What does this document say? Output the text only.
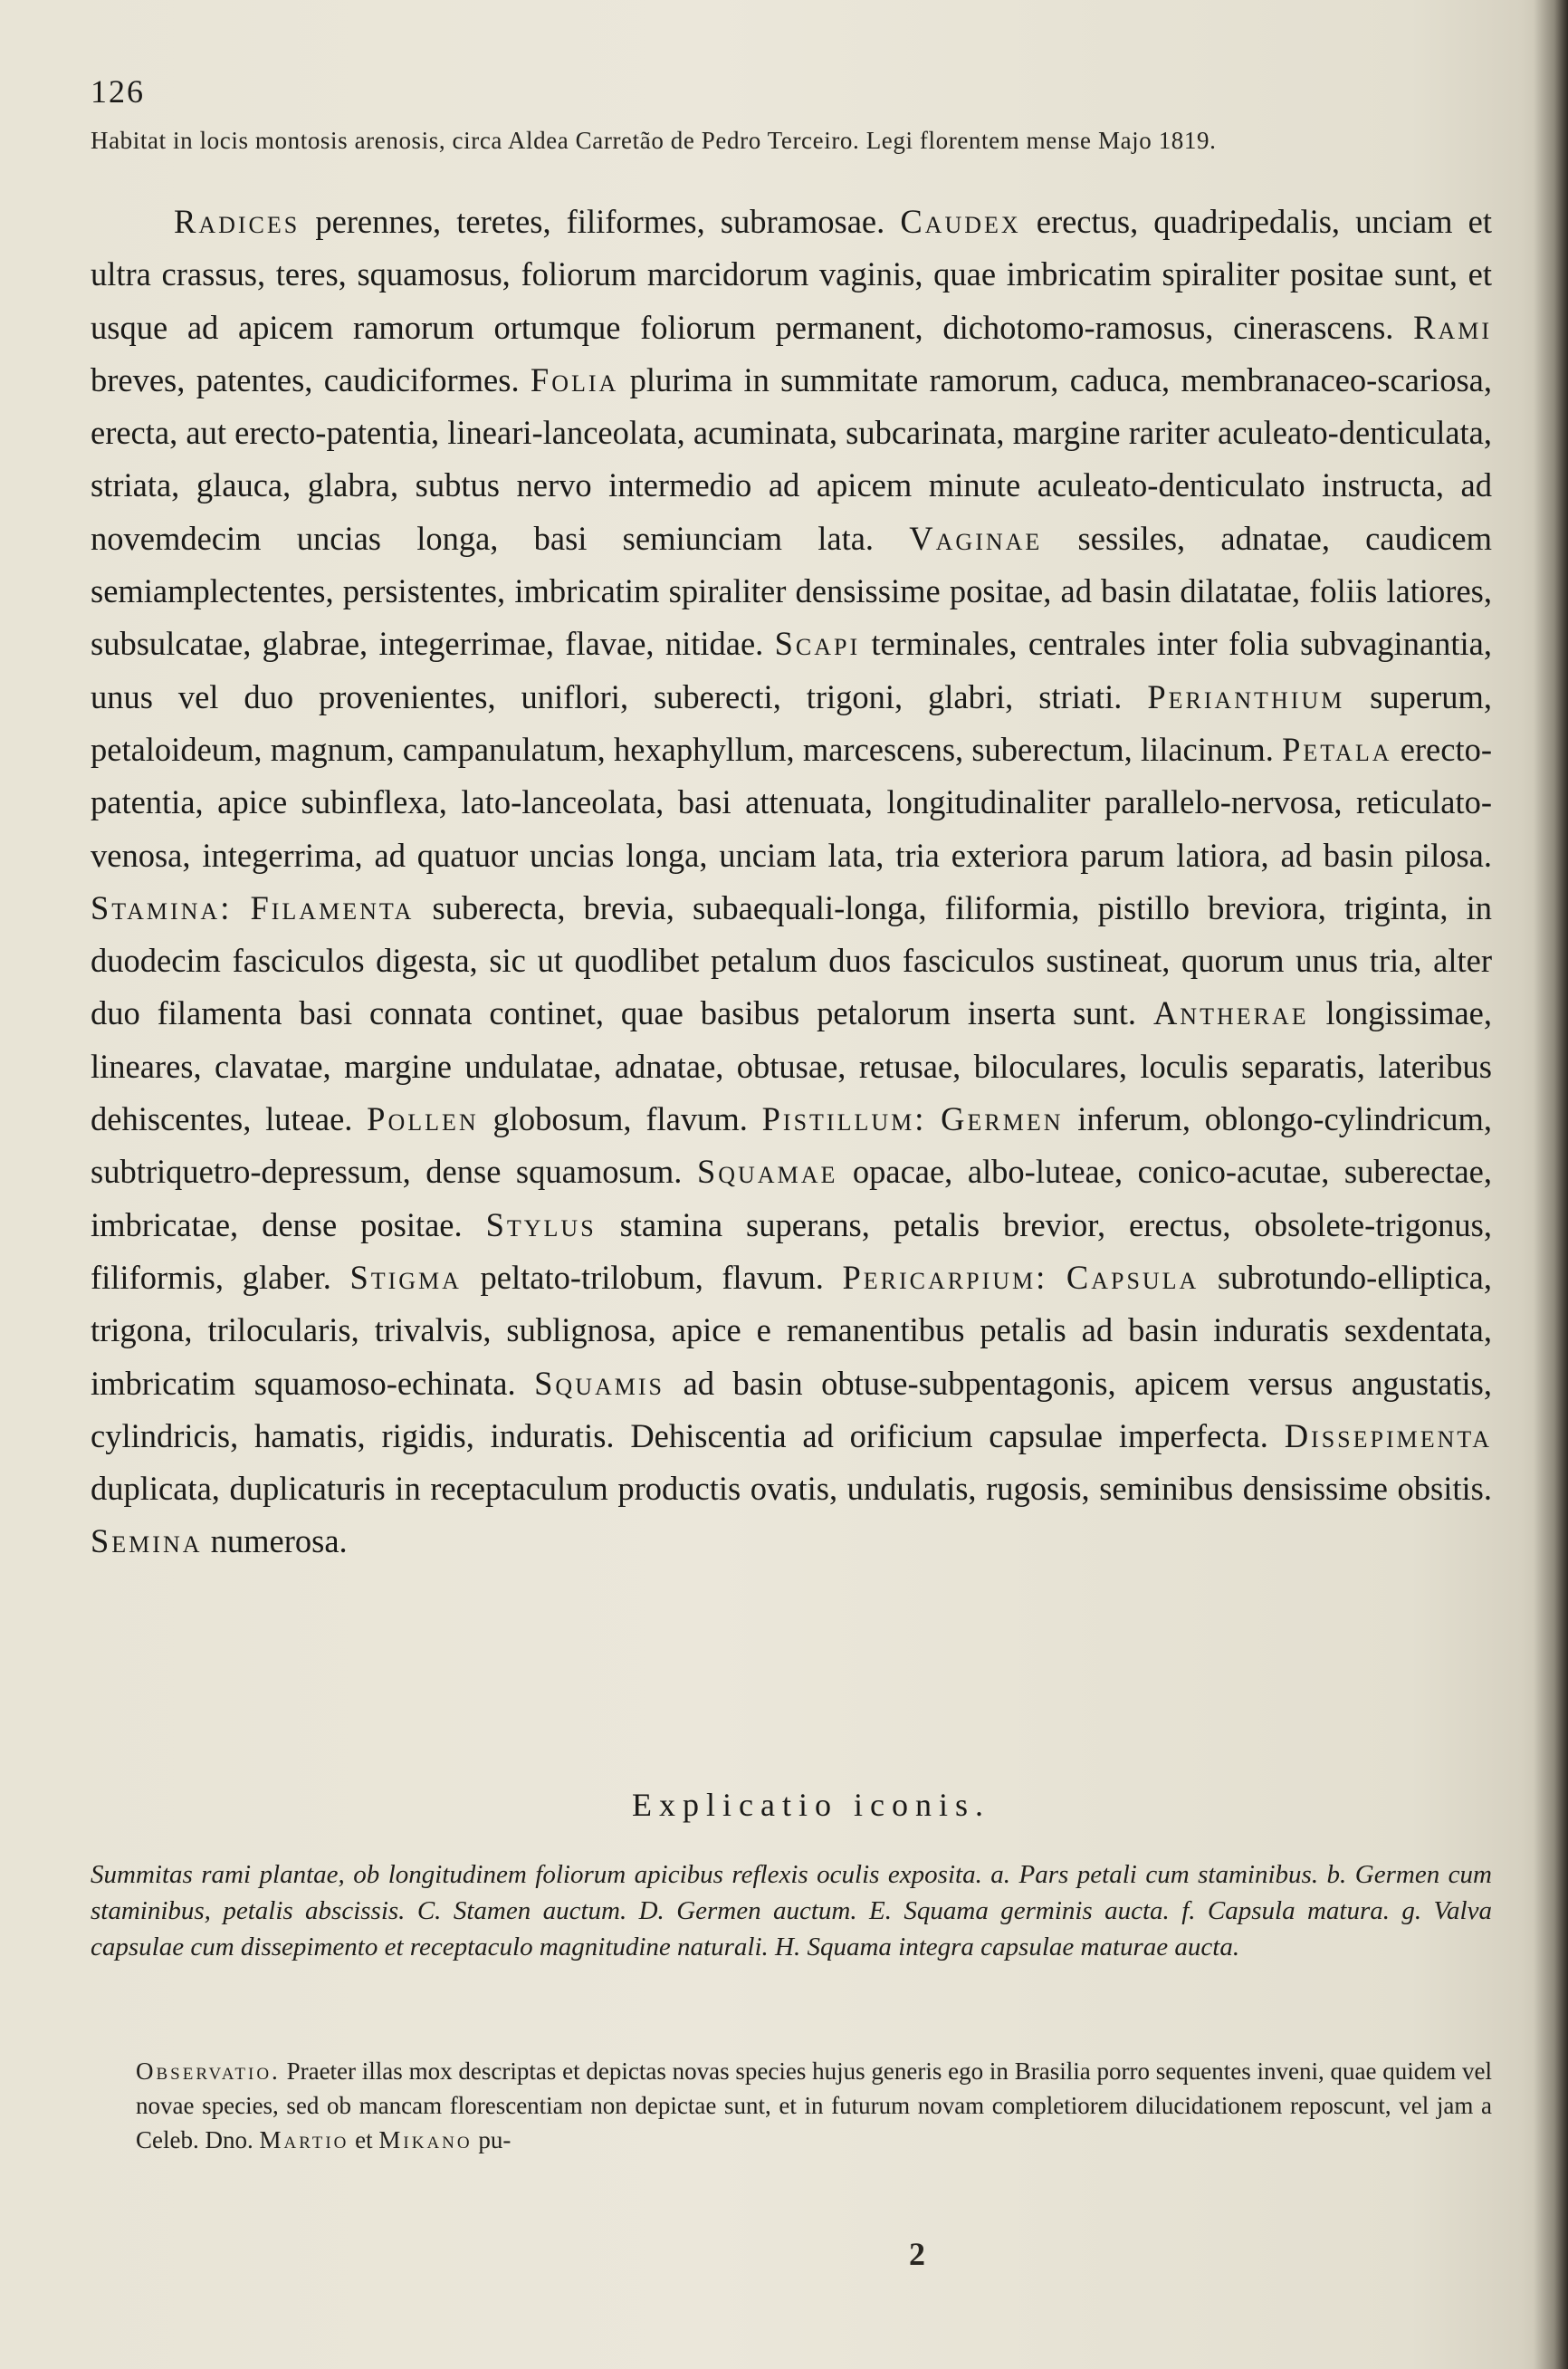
126
Habitat in locis montosis arenosis, circa Aldea Carretão de Pedro Terceiro. Legi florentem mense Majo 1819.
Radices perennes, teretes, filiformes, subramosae. Caudex erectus, quadripedalis, unciam et ultra crassus, teres, squamosus, foliorum marcidorum vaginis, quae imbricatim spiraliter positae sunt, et usque ad apicem ramorum ortumque foliorum permanent, dichotomo-ramosus, cinerascens. Rami breves, patentes, caudiciformes. Folia plurima in summitate ramorum, caduca, membranaceo-scariosa, erecta, aut erecto-patentia, lineari-lanceolata, acuminata, subcarinata, margine rariter aculeato-denticulata, striata, glauca, glabra, subtus nervo intermedio ad apicem minute aculeato-denticulato instructa, ad novemdecim uncias longa, basi semiunciam lata. Vaginae sessiles, adnatae, caudicem semiamplectentes, persistentes, imbricatim spiraliter densissime positae, ad basin dilatatae, foliis latiores, subsulcatae, glabrae, integerrimae, flavae, nitidae. Scapi terminales, centrales inter folia subvaginantia, unus vel duo provenientes, uniflori, suberecti, trigoni, glabri, striati. Perianthium superum, petaloideum, magnum, campanulatum, hexaphyllum, marcescens, suberectum, lilacinum. Petala erecto-patentia, apice subinflexa, lato-lanceolata, basi attenuata, longitudinaliter parallelo-nervosa, reticulato-venosa, integerrima, ad quatuor uncias longa, unciam lata, tria exteriora parum latiora, ad basin pilosa. Stamina: Filamenta suberecta, brevia, subaequali-longa, filiformia, pistillo breviora, triginta, in duodecim fasciculos digesta, sic ut quodlibet petalum duos fasciculos sustineat, quorum unus tria, alter duo filamenta basi connata continet, quae basibus petalorum inserta sunt. Antherae longissimae, lineares, clavatae, margine undulatae, adnatae, obtusae, retusae, biloculares, loculis separatis, lateribus dehiscentes, luteae. Pollen globosum, flavum. Pistillum: Germen inferum, oblongo-cylindricum, subtriquetro-depressum, dense squamosum. Squamae opacae, albo-luteae, conico-acutae, suberectae, imbricatae, dense positae. Stylus stamina superans, petalis brevior, erectus, obsolete-trigonus, filiformis, glaber. Stigma peltato-trilobum, flavum. Pericarpium: Capsula subrotundo-elliptica, trigona, trilocularis, trivalvis, sublignosa, apice e remanentibus petalis ad basin induratis sexdentata, imbricatim squamoso-echinata. Squamis ad basin obtuse-subpentagonis, apicem versus angustatis, cylindricis, hamatis, rigidis, induratis. Dehiscentia ad orificium capsulae imperfecta. Dissepimenta duplicata, duplicaturis in receptaculum productis ovatis, undulatis, rugosis, seminibus densissime obsitis. Semina numerosa.
Explicatio iconis.
Summitas rami plantae, ob longitudinem foliorum apicibus reflexis oculis exposita. a. Pars petali cum staminibus. b. Germen cum staminibus, petalis abscissis. C. Stamen auctum. D. Germen auctum. E. Squama germinis aucta. f. Capsula matura. g. Valva capsulae cum dissepimento et receptaculo magnitudine naturali. H. Squama integra capsulae maturae aucta.
Observatio. Praeter illas mox descriptas et depictas novas species hujus generis ego in Brasilia porro sequentes inveni, quae quidem vel novae species, sed ob mancam florescentiam non depictae sunt, et in futurum novam completiorem dilucidationem reposcunt, vel jam a Celeb. Dno. Martio et Mikano pu-
2
